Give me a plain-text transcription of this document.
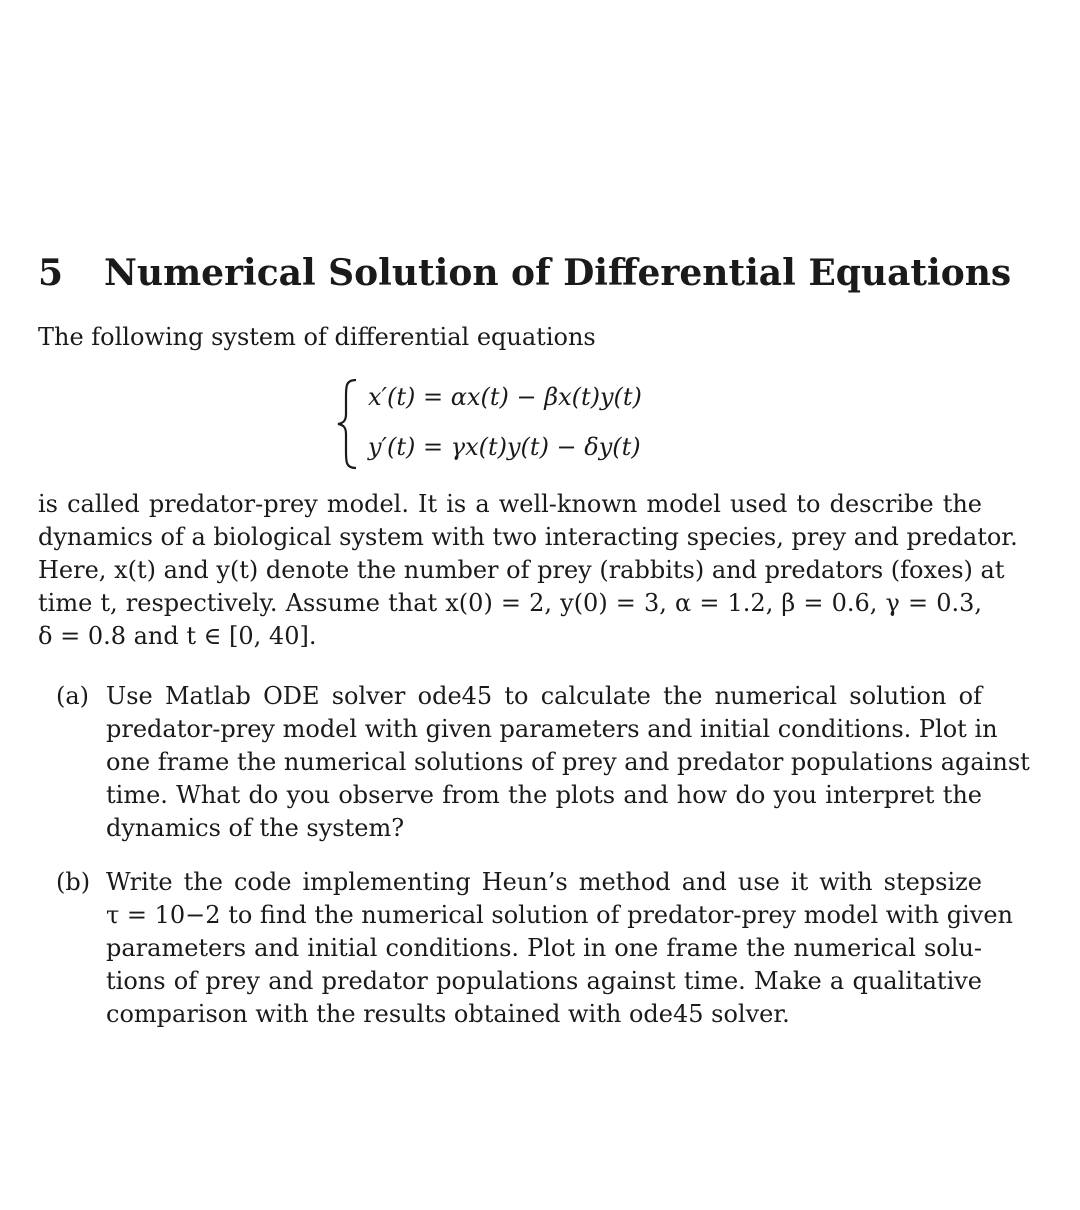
5 Numerical Solution of Differential Equations
The following system of differential equations
x′(t) = αx(t) − βx(t)y(t)
y′(t) = γx(t)y(t) − δy(t)
is called predator-prey model. It is a well-known model used to describe the
dynamics of a biological system with two interacting species, prey and predator.
Here, x(t) and y(t) denote the number of prey (rabbits) and predators (foxes) at
time t, respectively. Assume that x(0) = 2, y(0) = 3, α = 1.2, β = 0.6, γ = 0.3,
δ = 0.8 and t ∈ [0, 40].
(a) Use Matlab ODE solver ode45 to calculate the numerical solution of
predator-prey model with given parameters and initial conditions. Plot in
one frame the numerical solutions of prey and predator populations against
time. What do you observe from the plots and how do you interpret the
dynamics of the system?
(b) Write the code implementing Heun’s method and use it with stepsize
τ = 10−2 to find the numerical solution of predator-prey model with given
parameters and initial conditions. Plot in one frame the numerical solu-
tions of prey and predator populations against time. Make a qualitative
comparison with the results obtained with ode45 solver.
